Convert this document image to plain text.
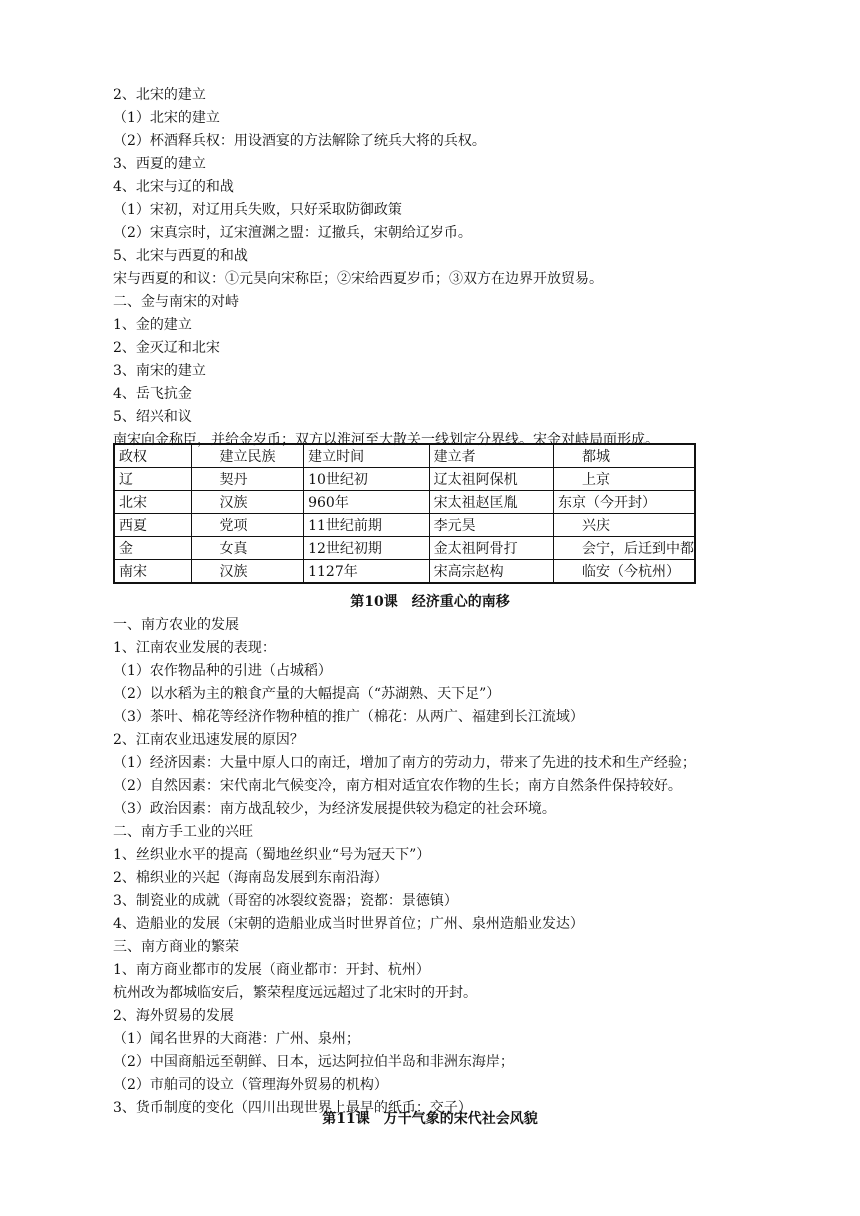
2、北宋的建立
（1）北宋的建立
（2）杯酒释兵权：用设酒宴的方法解除了统兵大将的兵权。
3、西夏的建立
4、北宋与辽的和战
（1）宋初，对辽用兵失败，只好采取防御政策
（2）宋真宗时，辽宋澶渊之盟：辽撤兵，宋朝给辽岁币。
5、北宋与西夏的和战
宋与西夏的和议：①元昊向宋称臣；②宋给西夏岁币；③双方在边界开放贸易。
二、金与南宋的对峙
1、金的建立
2、金灭辽和北宋
3、南宋的建立
4、岳飞抗金
5、绍兴和议
南宋向金称臣，并给金岁币；双方以淮河至大散关一线划定分界线。宋金对峙局面形成。
政权	建立民族	建立时间	建立者	都城
辽	契丹	10世纪初	辽太祖阿保机	上京
北宋	汉族	960年	宋太祖赵匡胤	东京（今开封）
西夏	党项	11世纪前期	李元昊	兴庆
金	女真	12世纪初期	金太祖阿骨打	会宁，后迁到中都
南宋	汉族	1127年	宋高宗赵构	临安（今杭州）
第10课　经济重心的南移
一、南方农业的发展
1、江南农业发展的表现：
（1）农作物品种的引进（占城稻）
（2）以水稻为主的粮食产量的大幅提高（“苏湖熟、天下足”）
（3）茶叶、棉花等经济作物种植的推广（棉花：从两广、福建到长江流域）
2、江南农业迅速发展的原因？
（1）经济因素：大量中原人口的南迁，增加了南方的劳动力，带来了先进的技术和生产经验；
（2）自然因素：宋代南北气候变冷，南方相对适宜农作物的生长；南方自然条件保持较好。
（3）政治因素：南方战乱较少，为经济发展提供较为稳定的社会环境。
二、南方手工业的兴旺
1、丝织业水平的提高（蜀地丝织业“号为冠天下”）
2、棉织业的兴起（海南岛发展到东南沿海）
3、制瓷业的成就（哥窑的冰裂纹瓷器；瓷都：景德镇）
4、造船业的发展（宋朝的造船业成当时世界首位；广州、泉州造船业发达）
三、南方商业的繁荣
1、南方商业都市的发展（商业都市：开封、杭州）
杭州改为都城临安后，繁荣程度远远超过了北宋时的开封。
2、海外贸易的发展
（1）闻名世界的大商港：广州、泉州；
（2）中国商船远至朝鲜、日本，远达阿拉伯半岛和非洲东海岸；
（2）市舶司的设立（管理海外贸易的机构）
3、货币制度的变化（四川出现世界上最早的纸币：交子）
第11课　万千气象的宋代社会风貌
